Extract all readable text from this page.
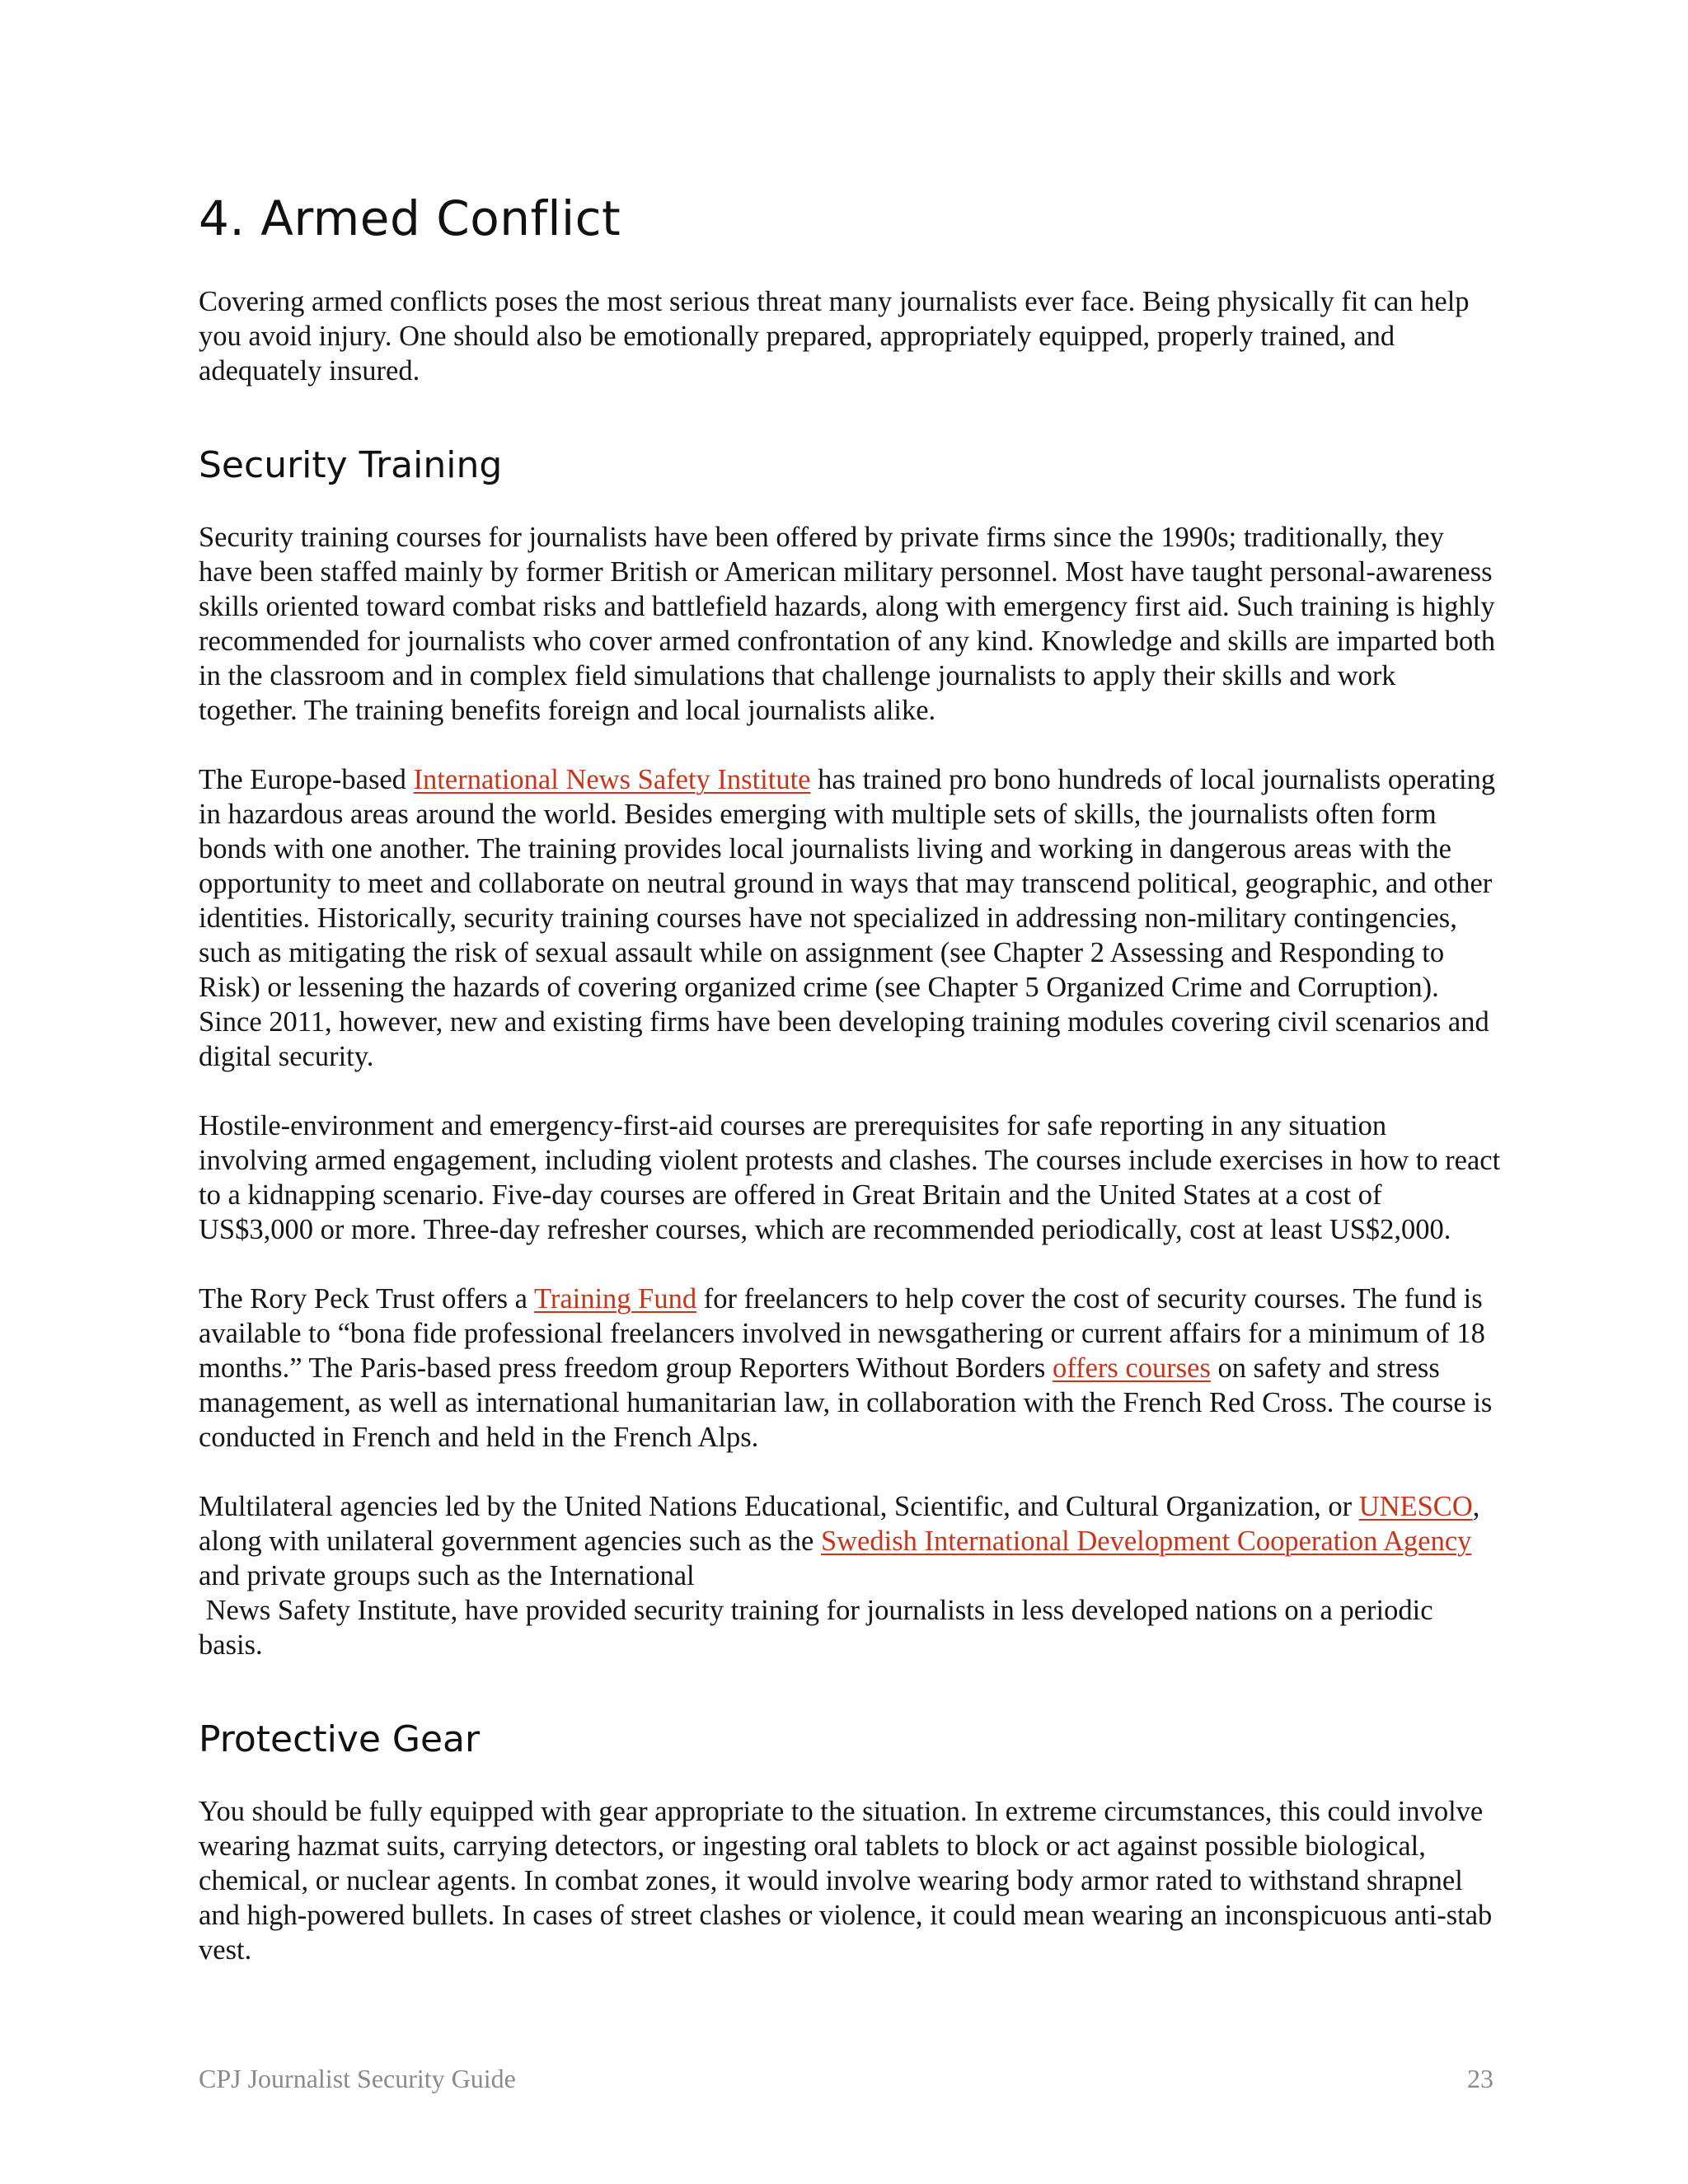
4. Armed Conflict

Covering armed conflicts poses the most serious threat many journalists ever face. Being physically fit can help you avoid injury. One should also be emotionally prepared, appropriately equipped, properly trained, and adequately insured.

Security Training

Security training courses for journalists have been offered by private firms since the 1990s; traditionally, they have been staffed mainly by former British or American military personnel. Most have taught personal-awareness skills oriented toward combat risks and battlefield hazards, along with emergency first aid. Such training is highly recommended for journalists who cover armed confrontation of any kind. Knowledge and skills are imparted both in the classroom and in complex field simulations that challenge journalists to apply their skills and work together. The training benefits foreign and local journalists alike.

The Europe-based International News Safety Institute has trained pro bono hundreds of local journalists operating in hazardous areas around the world. Besides emerging with multiple sets of skills, the journalists often form bonds with one another. The training provides local journalists living and working in dangerous areas with the opportunity to meet and collaborate on neutral ground in ways that may transcend political, geographic, and other identities. Historically, security training courses have not specialized in addressing non-military contingencies, such as mitigating the risk of sexual assault while on assignment (see Chapter 2 Assessing and Responding to Risk) or lessening the hazards of covering organized crime (see Chapter 5 Organized Crime and Corruption). Since 2011, however, new and existing firms have been developing training modules covering civil scenarios and digital security.

Hostile-environment and emergency-first-aid courses are prerequisites for safe reporting in any situation involving armed engagement, including violent protests and clashes. The courses include exercises in how to react to a kidnapping scenario. Five-day courses are offered in Great Britain and the United States at a cost of US$3,000 or more. Three-day refresher courses, which are recommended periodically, cost at least US$2,000.

The Rory Peck Trust offers a Training Fund for freelancers to help cover the cost of security courses. The fund is available to “bona fide professional freelancers involved in newsgathering or current affairs for a minimum of 18 months.” The Paris-based press freedom group Reporters Without Borders offers courses on safety and stress management, as well as international humanitarian law, in collaboration with the French Red Cross. The course is conducted in French and held in the French Alps.

Multilateral agencies led by the United Nations Educational, Scientific, and Cultural Organization, or UNESCO, along with unilateral government agencies such as the Swedish International Development Cooperation Agency and private groups such as the International
News Safety Institute, have provided security training for journalists in less developed nations on a periodic basis.

Protective Gear

You should be fully equipped with gear appropriate to the situation. In extreme circumstances, this could involve wearing hazmat suits, carrying detectors, or ingesting oral tablets to block or act against possible biological, chemical, or nuclear agents. In combat zones, it would involve wearing body armor rated to withstand shrapnel and high-powered bullets. In cases of street clashes or violence, it could mean wearing an inconspicuous anti-stab vest.

CPJ Journalist Security Guide	23
